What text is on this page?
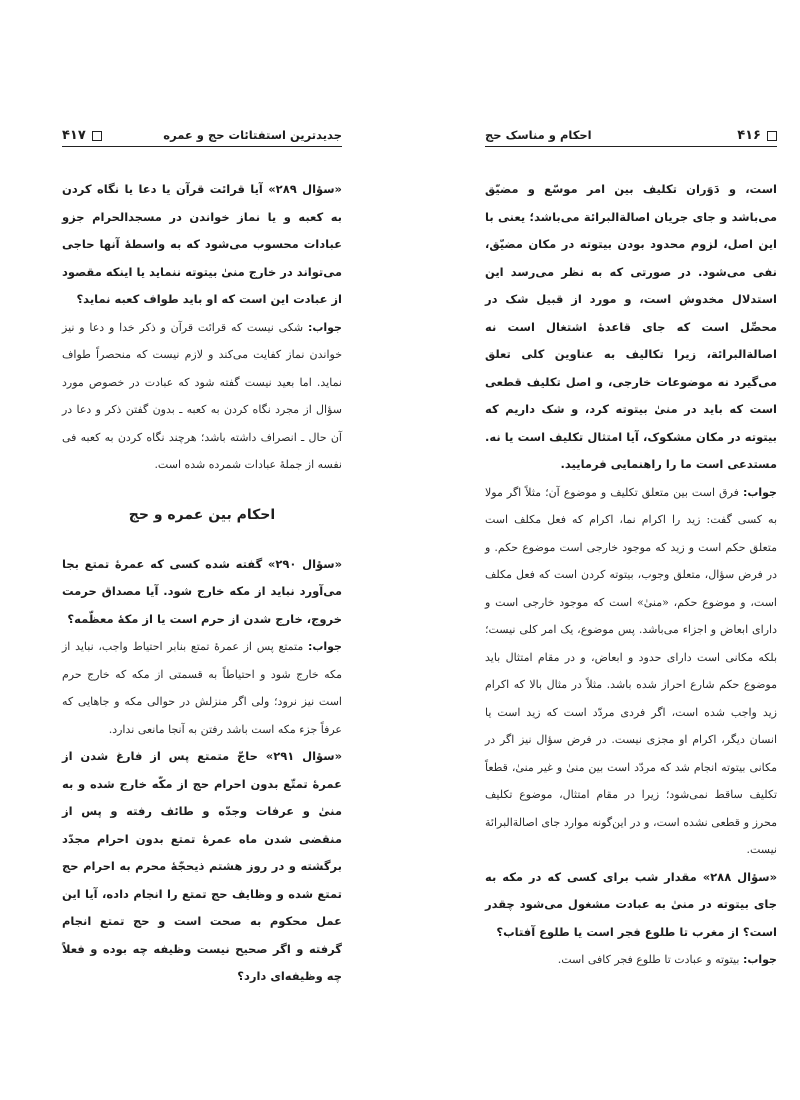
جدیدترین استفتائات حج و عمره
۴۱۷

«سؤال ۲۸۹» آیا قرائت قرآن یا دعا یا نگاه کردن به کعبه و یا نماز خواندن در مسجدالحرام جزو عبادات محسوب می‌شود که به واسطهٔ آنها حاجی می‌تواند در خارج منیٰ بیتوته ننماید یا اینکه مقصود از عبادت این است که او باید طواف کعبه نماید؟

جواب: شکی نیست که قرائت قرآن و ذکر خدا و دعا و نیز خواندن نماز کفایت می‌کند و لازم نیست که منحصراً طواف نماید. اما بعید نیست گفته شود که عبادت در خصوص مورد سؤال از مجرد نگاه کردن به کعبه ـ بدون گفتن ذکر و دعا در آن حال ـ انصراف داشته باشد؛ هرچند نگاه کردن به کعبه فی نفسه از جملهٔ عبادات شمرده شده است.

احکام بین عمره و حج

«سؤال ۲۹۰» گفته شده کسی که عمرهٔ تمتع بجا می‌آورد نباید از مکه خارج شود. آیا مصداق حرمت خروج، خارج شدن از حرم است یا از مکهٔ معظّمه؟

جواب: متمتع پس از عمرهٔ تمتع بنابر احتیاط واجب، نباید از مکه خارج شود و احتیاطاً به قسمتی از مکه که خارج حرم است نیز نرود؛ ولی اگر منزلش در حوالی مکه و جاهایی که عرفاً جزء مکه است باشد رفتن به آنجا مانعی ندارد.

«سؤال ۲۹۱» حاجّ متمتع پس از فارغ شدن از عمرهٔ تمتّع بدون احرام حج از مکّه خارج شده و به منیٰ و عرفات وجدّه و طائف رفته و پس از منقضی شدن ماه عمرهٔ تمتع بدون احرام مجدّد برگشته و در روز هشتم ذیحجّهٔ محرم به احرام حج تمتع شده و وظایف حج تمتع را انجام داده، آیا این عمل محکوم به صحت است و حج تمتع انجام گرفته و اگر صحیح نیست وظیفه چه بوده و فعلاً چه وظیفه‌ای دارد؟

۴۱۶
احکام و مناسک حج

است، و دَوَران تکلیف بین امر موسّع و مضیّق می‌باشد و جای جریان اصالةالبرائة می‌باشد؛ یعنی با این اصل، لزوم محدود بودن بیتوته در مکان مضیّق، نفی می‌شود. در صورتی که به نظر می‌رسد این استدلال مخدوش است، و مورد از قبیل شک در محصِّل است که جای قاعدهٔ اشتغال است نه اصالةالبرائة، زیرا تکالیف به عناوین کلی تعلق می‌گیرد نه موضوعات خارجی، و اصل تکلیف قطعی است که باید در منیٰ بیتوته کرد، و شک داریم که بیتوته در مکان مشکوک، آیا امتثال تکلیف است یا نه. مستدعی است ما را راهنمایی فرمایید.

جواب: فرق است بین متعلق تکلیف و موضوع آن؛ مثلاً اگر مولا به کسی گفت: زید را اکرام نما، اکرام که فعل مکلف است متعلق حکم است و زید که موجود خارجی است موضوع حکم. و در فرض سؤال، متعلق وجوب، بیتوته کردن است که فعل مکلف است، و موضوع حکم، «منیٰ» است که موجود خارجی است و دارای ابعاض و اجزاء می‌باشد. پس موضوع، یک امر کلی نیست؛ بلکه مکانی است دارای حدود و ابعاض، و در مقام امتثال باید موضوع حکم شارع احراز شده باشد. مثلاً در مثال بالا که اکرام زید واجب شده است، اگر فردی مردّد است که زید است یا انسان دیگر، اکرام او مجزی نیست. در فرض سؤال نیز اگر در مکانی بیتوته انجام شد که مردّد است بین منیٰ و غیر منیٰ، قطعاً تکلیف ساقط نمی‌شود؛ زیرا در مقام امتثال، موضوع تکلیف محرز و قطعی نشده است، و در این‌گونه موارد جای اصالةالبرائة نیست.

«سؤال ۲۸۸» مقدار شب برای کسی که در مکه به جای بیتوته در منیٰ به عبادت مشغول می‌شود چقدر است؟ از مغرب تا طلوع فجر است یا طلوع آفتاب؟

جواب: بیتوته و عبادت تا طلوع فجر کافی است.
